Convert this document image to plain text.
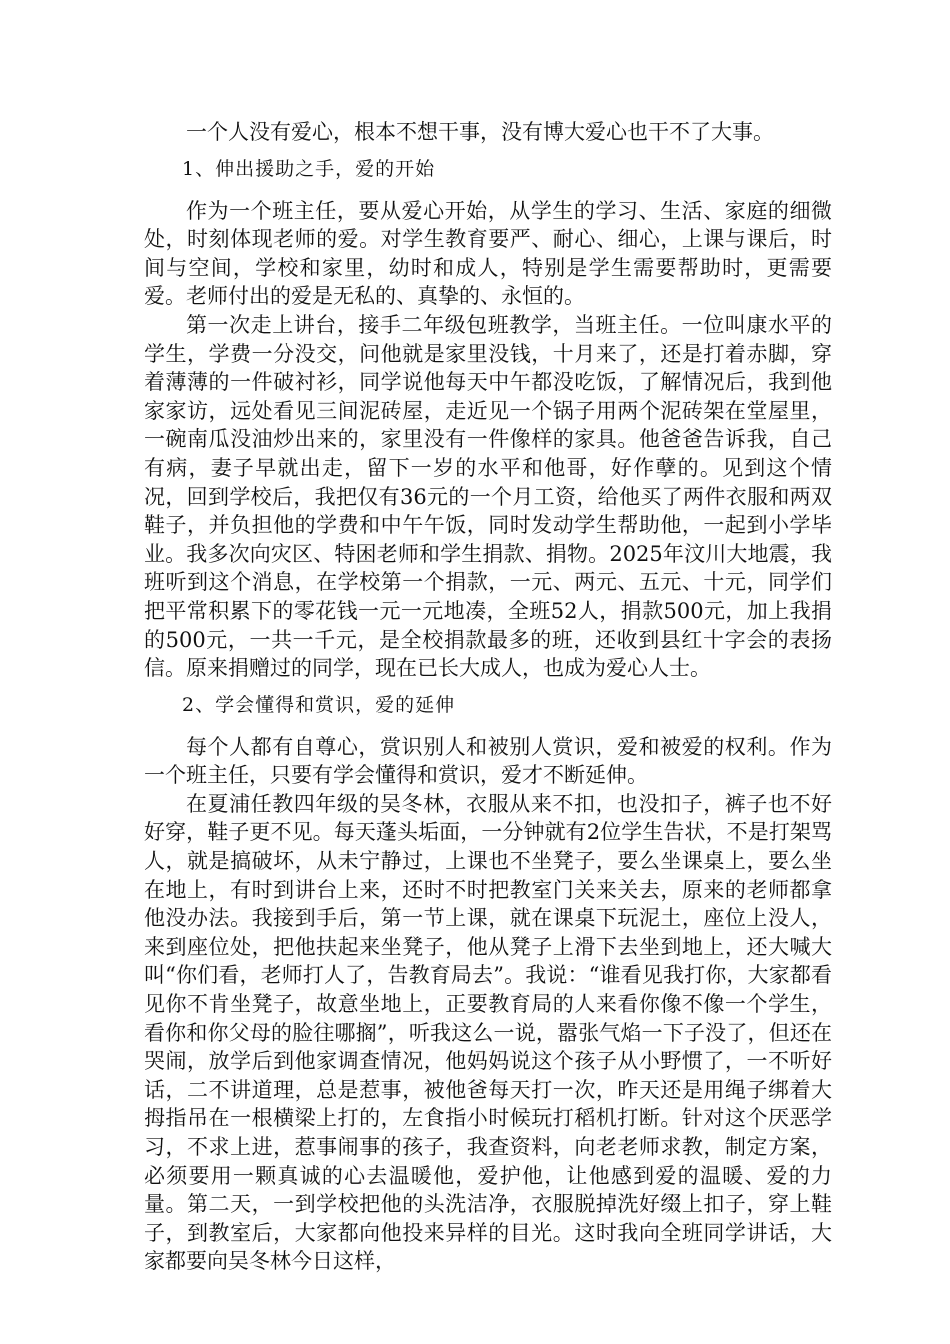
一个人没有爱心，根本不想干事，没有博大爱心也干不了大事。

1、伸出援助之手，爱的开始

作为一个班主任，要从爱心开始，从学生的学习、生活、家庭的细微处，时刻体现老师的爱。对学生教育要严、耐心、细心，上课与课后，时间与空间，学校和家里，幼时和成人，特别是学生需要帮助时，更需要爱。老师付出的爱是无私的、真挚的、永恒的。

第一次走上讲台，接手二年级包班教学，当班主任。一位叫康水平的学生，学费一分没交，问他就是家里没钱，十月来了，还是打着赤脚，穿着薄薄的一件破衬衫，同学说他每天中午都没吃饭，了解情况后，我到他家家访，远处看见三间泥砖屋，走近见一个锅子用两个泥砖架在堂屋里，一碗南瓜没油炒出来的，家里没有一件像样的家具。他爸爸告诉我，自己有病，妻子早就出走，留下一岁的水平和他哥，好作孽的。见到这个情况，回到学校后，我把仅有36元的一个月工资，给他买了两件衣服和两双鞋子，并负担他的学费和中午午饭，同时发动学生帮助他，一起到小学毕业。我多次向灾区、特困老师和学生捐款、捐物。2025年汶川大地震，我班听到这个消息，在学校第一个捐款，一元、两元、五元、十元，同学们把平常积累下的零花钱一元一元地凑，全班52人，捐款500元，加上我捐的500元，一共一千元，是全校捐款最多的班，还收到县红十字会的表扬信。原来捐赠过的同学，现在已长大成人，也成为爱心人士。

2、学会懂得和赏识，爱的延伸

每个人都有自尊心，赏识别人和被别人赏识，爱和被爱的权利。作为一个班主任，只要有学会懂得和赏识，爱才不断延伸。

在夏浦任教四年级的吴冬林，衣服从来不扣，也没扣子，裤子也不好好穿，鞋子更不见。每天蓬头垢面，一分钟就有2位学生告状，不是打架骂人，就是搞破坏，从未宁静过，上课也不坐凳子，要么坐课桌上，要么坐在地上，有时到讲台上来，还时不时把教室门关来关去，原来的老师都拿他没办法。我接到手后，第一节上课，就在课桌下玩泥土，座位上没人，来到座位处，把他扶起来坐凳子，他从凳子上滑下去坐到地上，还大喊大叫“你们看，老师打人了，告教育局去”。我说：“谁看见我打你，大家都看见你不肯坐凳子，故意坐地上，正要教育局的人来看你像不像一个学生，看你和你父母的脸往哪搁”，听我这么一说，嚣张气焰一下子没了，但还在哭闹，放学后到他家调查情况，他妈妈说这个孩子从小野惯了，一不听好话，二不讲道理，总是惹事，被他爸每天打一次，昨天还是用绳子绑着大拇指吊在一根横梁上打的，左食指小时候玩打稻机打断。针对这个厌恶学习，不求上进，惹事闹事的孩子，我查资料，向老老师求教，制定方案，必须要用一颗真诚的心去温暖他，爱护他，让他感到爱的温暖、爱的力量。第二天，一到学校把他的头洗洁净，衣服脱掉洗好缀上扣子，穿上鞋子，到教室后，大家都向他投来异样的目光。这时我向全班同学讲话，大家都要向吴冬林今日这样，
